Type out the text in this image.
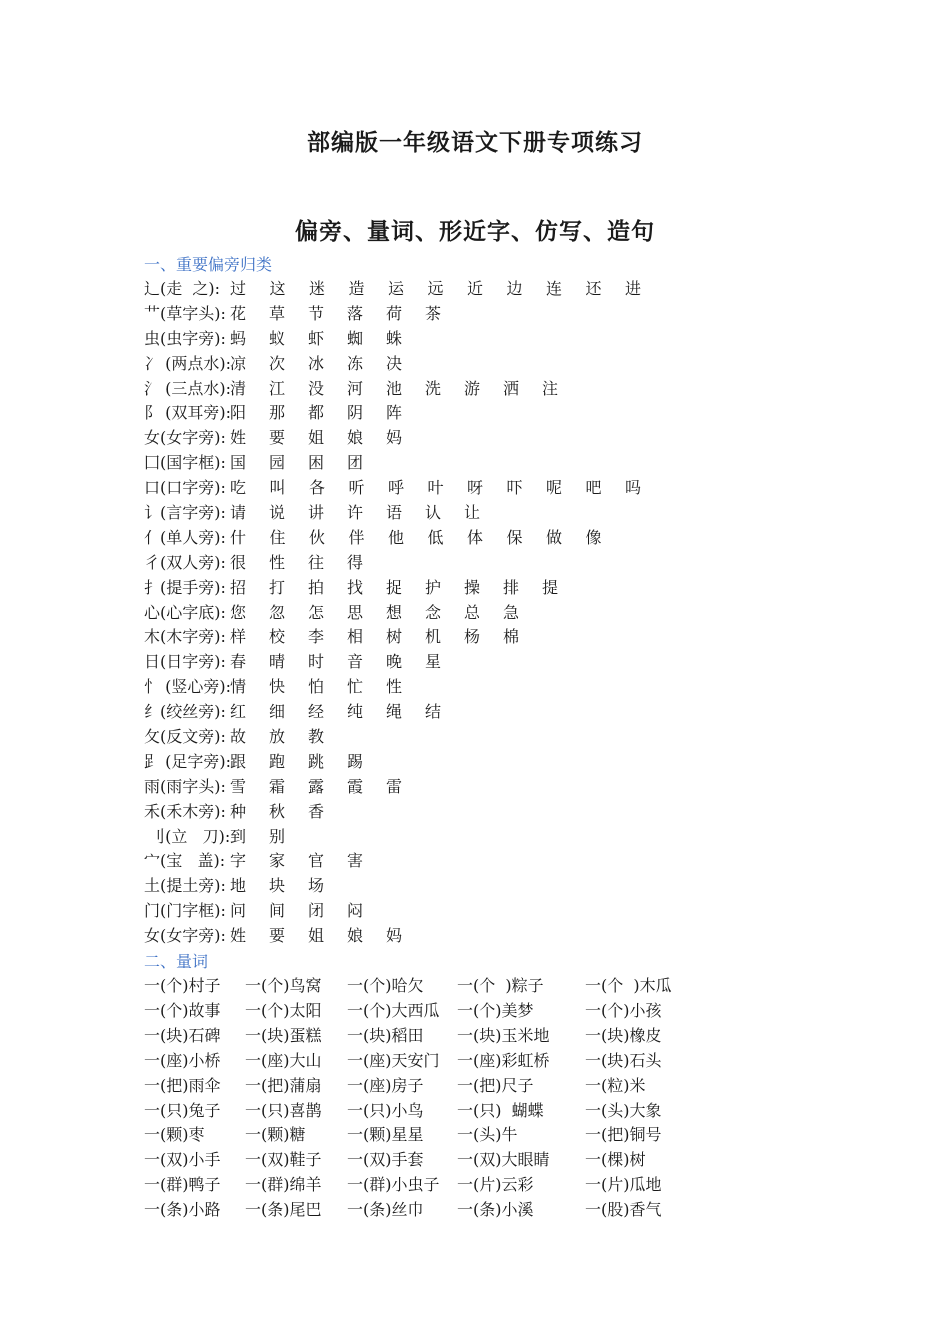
部编版一年级语文下册专项练习
偏旁、量词、形近字、仿写、造句
一、重要偏旁归类
辶(走  之): 过 这 迷 造 运 远 近 边 连 还 进
艹(草字头): 花 草 节 落 荷 茶
虫(虫字旁): 蚂 蚁 虾 蜘 蛛
冫 (两点水):凉 次 冰 冻 决
氵 (三点水):清 江 没 河 池 洗 游 洒 注
阝 (双耳旁):阳 那 都 阴 阵
女(女字旁): 姓 要 姐 娘 妈
囗(国字框): 国 园 困 团
口(口字旁): 吃 叫 各 听 呼 叶 呀 吓 呢 吧 吗
讠(言字旁): 请 说 讲 许 语 认 让
亻(单人旁): 什 住 伙 伴 他 低 体 保 做 像
彳(双人旁): 很 性 往 得
扌(提手旁): 招 打 拍 找 捉 护 操 排 提
心(心字底): 您 忽 怎 思 想 念 总 急
木(木字旁): 样 校 李 相 树 机 杨 棉
日(日字旁): 春 晴 时 音 晚 星
忄 (竖心旁):情 快 怕 忙 性
纟(绞丝旁): 红 细 经 纯 绳 结
攵(反文旁): 故 放 教
𧾷 (足字旁):跟 跑 跳 踢
雨(雨字头): 雪 霜 露 霞 雷
禾(禾木旁): 种 秋 香
刂(立   刀):到 别
宀(宝   盖): 字 家 官 害
土(提土旁): 地 块 场
门(门字框): 问 间 闭 闷
女(女字旁): 姓 要 姐 娘 妈
二、量词
一(个)村子 一(个)鸟窝 一(个)哈欠 一(个  )粽子	一(个  )木瓜
一(个)故事 一(个)太阳 一(个)大西瓜 一(个)美梦	一(个)小孩
一(块)石碑 一(块)蛋糕 一(块)稻田 一(块)玉米地 一(块)橡皮
一(座)小桥 一(座)大山 一(座)天安门 一(座)彩虹桥 一(块)石头
一(把)雨伞 一(把)蒲扇 一(座)房子 一(把)尺子	一(粒)米
一(只)兔子 一(只)喜鹊 一(只)小鸟 一(只)  蝴蝶	一(头)大象
一(颗)枣	一(颗)糖	一(颗)星星 一(头)牛	一(把)铜号
一(双)小手 一(双)鞋子 一(双)手套 一(双)大眼睛 一(棵)树
一(群)鸭子 一(群)绵羊 一(群)小虫子 一(片)云彩	一(片)瓜地
一(条)小路 一(条)尾巴 一(条)丝巾 一(条)小溪	一(股)香气
